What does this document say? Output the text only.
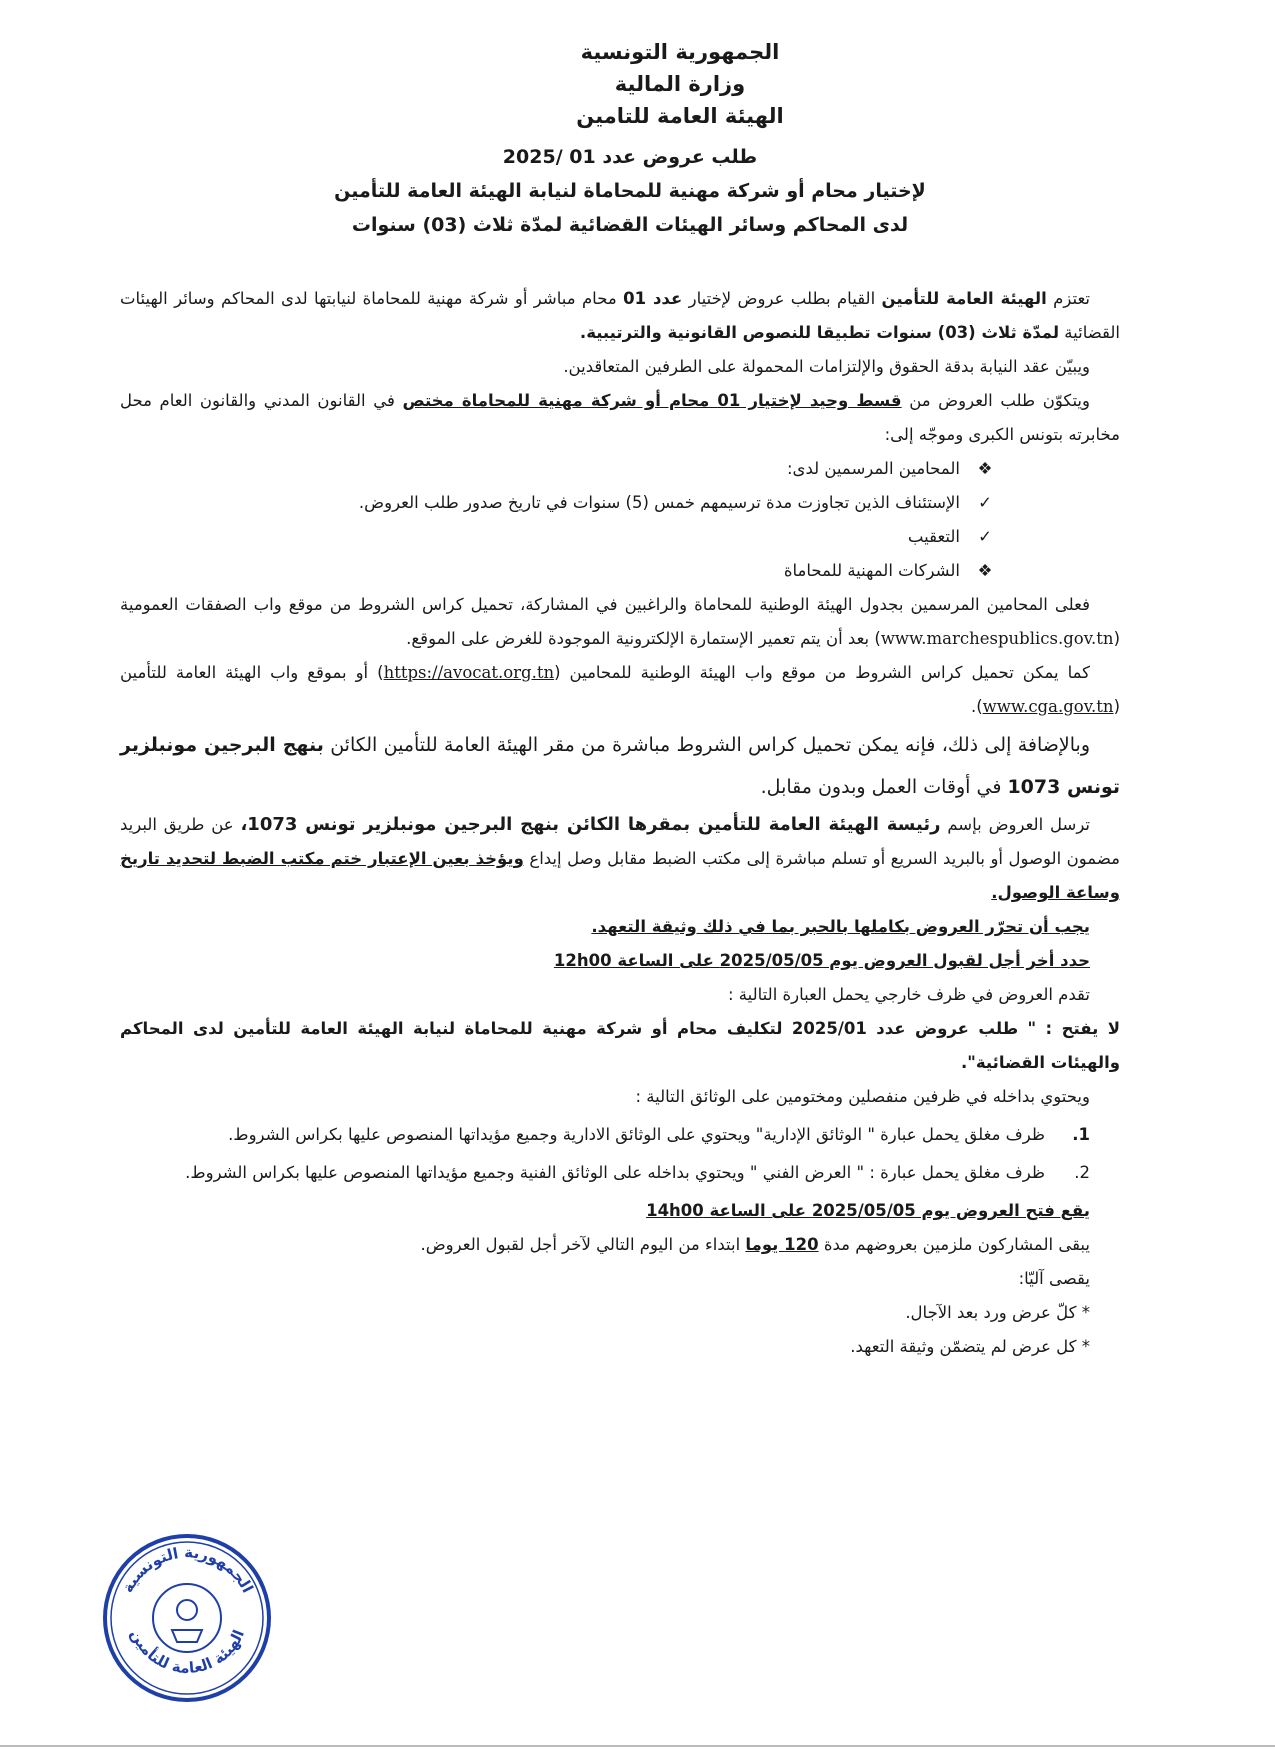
الجمهورية التونسية
وزارة المالية
الهيئة العامة للتامين
طلب عروض عدد 01 /2025
لإختيار محام أو شركة مهنية للمحاماة لنيابة الهيئة العامة للتأمين
لدى المحاكم وسائر الهيئات القضائية لمدّة ثلاث (03) سنوات

تعتزم الهيئة العامة للتأمين القيام بطلب عروض لإختيار عدد 01 محام مباشر أو شركة مهنية للمحاماة لنيابتها لدى المحاكم وسائر الهيئات القضائية لمدّة ثلاث (03) سنوات تطبيقا للنصوص القانونية والترتيبية.

ويبيّن عقد النيابة بدقة الحقوق والإلتزامات المحمولة على الطرفين المتعاقدين.

ويتكوّن طلب العروض من قسط وحيد لإختيار 01 محام أو شركة مهنية للمحاماة مختص في القانون المدني والقانون العام محل مخابرته بتونس الكبرى وموجّه إلى:

❖
المحامين المرسمين لدى:
✓
الإستئناف الذين تجاوزت مدة ترسيمهم خمس (5) سنوات في تاريخ صدور طلب العروض.
✓
التعقيب
❖
الشركات المهنية للمحاماة

فعلى المحامين المرسمين بجدول الهيئة الوطنية للمحاماة والراغبين في المشاركة، تحميل كراس الشروط من موقع واب الصفقات العمومية (www.marchespublics.gov.tn) بعد أن يتم تعمير الإستمارة الإلكترونية الموجودة للغرض على الموقع.

كما يمكن تحميل كراس الشروط من موقع واب الهيئة الوطنية للمحامين (https://avocat.org.tn) أو بموقع واب الهيئة العامة للتأمين (www.cga.gov.tn).

وبالإضافة إلى ذلك، فإنه يمكن تحميل كراس الشروط مباشرة من مقر الهيئة العامة للتأمين الكائن بنهج البرجين مونبلزير تونس 1073 في أوقات العمل وبدون مقابل.

ترسل العروض بإسم رئيسة الهيئة العامة للتأمين بمقرها الكائن بنهج البرجين مونبلزير تونس 1073، عن طريق البريد مضمون الوصول أو بالبريد السريع أو تسلم مباشرة إلى مكتب الضبط مقابل وصل إيداع ويؤخذ بعين الإعتبار ختم مكتب الضبط لتحديد تاريخ وساعة الوصول.

يجب أن تحرّر العروض بكاملها بالحبر بما في ذلك وثيقة التعهد.

حدد أخر أجل لقبول العروض يوم 2025/05/05 على الساعة 12h00

تقدم العروض في ظرف خارجي يحمل العبارة التالية :

لا يفتح : " طلب عروض عدد 2025/01 لتكليف محام أو شركة مهنية للمحاماة لنيابة الهيئة العامة للتأمين لدى المحاكم والهيئات القضائية".

ويحتوي بداخله في ظرفين منفصلين ومختومين على الوثائق التالية :

1.
ظرف مغلق يحمل عبارة " الوثائق الإدارية" ويحتوي على الوثائق الادارية وجميع مؤيداتها المنصوص عليها بكراس الشروط.
2.
ظرف مغلق يحمل عبارة : " العرض الفني " ويحتوي بداخله على الوثائق الفنية وجميع مؤيداتها المنصوص عليها بكراس الشروط.

يقع فتح العروض يوم 2025/05/05 على الساعة 14h00

يبقى المشاركون ملزمين بعروضهم مدة 120 يوما ابتداء من اليوم التالي لآخر أجل لقبول العروض.

يقصى آليّا:

* كلّ عرض ورد بعد الآجال.

* كل عرض لم يتضمّن وثيقة التعهد.

الجمهورية التونسية
الهيئة العامة للتأمين
